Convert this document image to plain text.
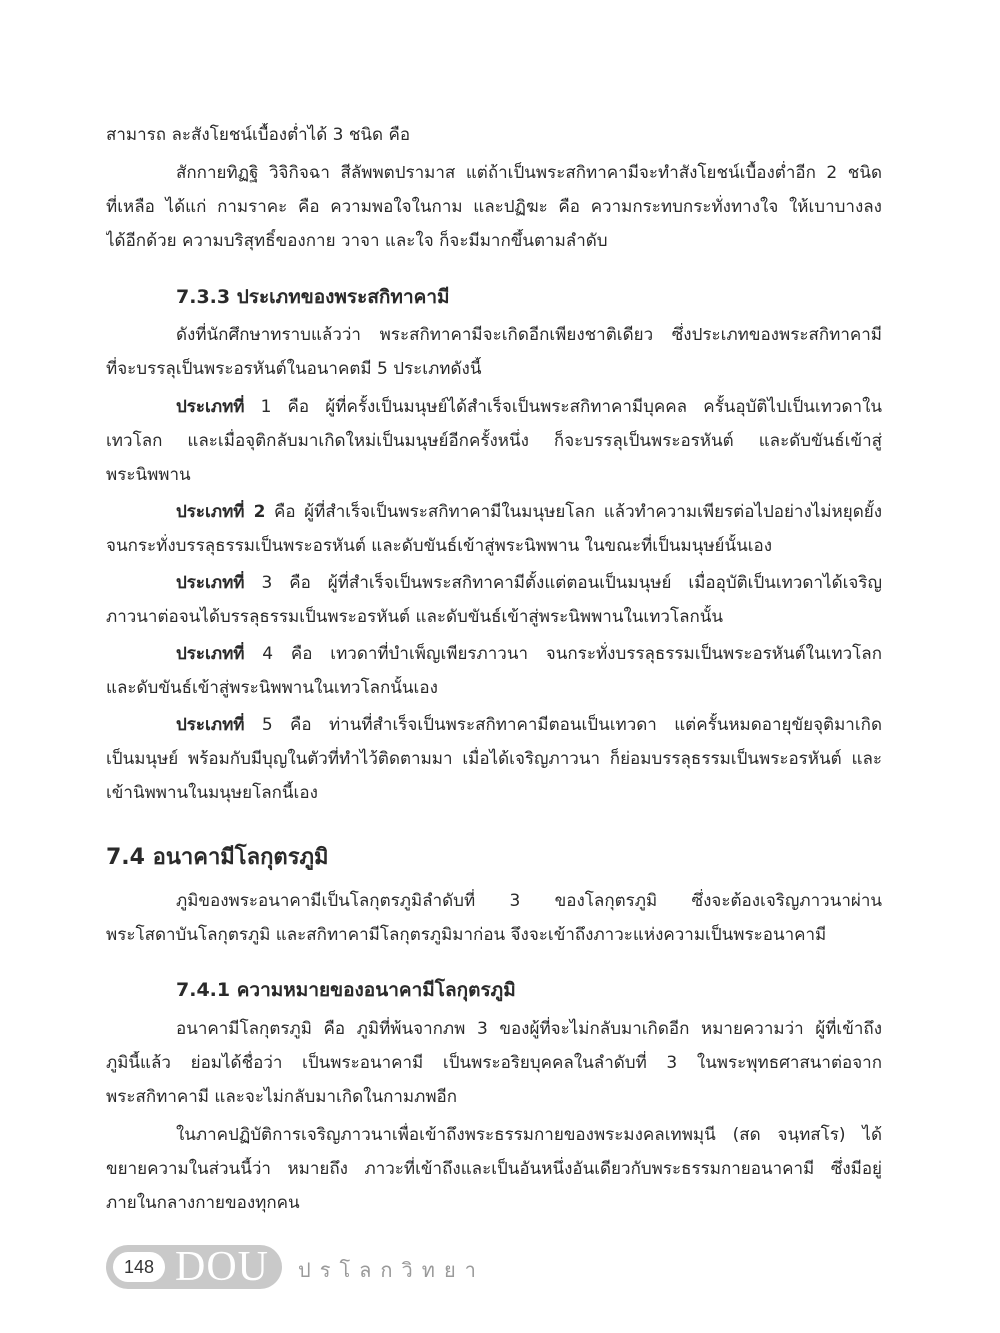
สามารถ ละสังโยชน์เบื้องต่ำได้ 3 ชนิด คือ
สักกายทิฏฐิ วิจิกิจฉา สีลัพพตปรามาส แต่ถ้าเป็นพระสกิทาคามีจะทำสังโยชน์เบื้องต่ำอีก 2 ชนิด
ที่เหลือ ได้แก่ กามราคะ คือ ความพอใจในกาม และปฏิฆะ คือ ความกระทบกระทั่งทางใจ ให้เบาบางลง
ได้อีกด้วย ความบริสุทธิ์ของกาย วาจา และใจ ก็จะมีมากขึ้นตามลำดับ
7.3.3 ประเภทของพระสกิทาคามี
ดังที่นักศึกษาทราบแล้วว่า พระสกิทาคามีจะเกิดอีกเพียงชาติเดียว ซึ่งประเภทของพระสกิทาคามี
ที่จะบรรลุเป็นพระอรหันต์ในอนาคตมี 5 ประเภทดังนี้
ประเภทที่ 1 คือ ผู้ที่ครั้งเป็นมนุษย์ได้สำเร็จเป็นพระสกิทาคามีบุคคล ครั้นอุบัติไปเป็นเทวดาใน
เทวโลก และเมื่อจุติกลับมาเกิดใหม่เป็นมนุษย์อีกครั้งหนึ่ง ก็จะบรรลุเป็นพระอรหันต์ และดับขันธ์เข้าสู่
พระนิพพาน
ประเภทที่ 2 คือ ผู้ที่สำเร็จเป็นพระสกิทาคามีในมนุษยโลก แล้วทำความเพียรต่อไปอย่างไม่หยุดยั้ง
จนกระทั่งบรรลุธรรมเป็นพระอรหันต์ และดับขันธ์เข้าสู่พระนิพพาน ในขณะที่เป็นมนุษย์นั้นเอง
ประเภทที่ 3 คือ ผู้ที่สำเร็จเป็นพระสกิทาคามีตั้งแต่ตอนเป็นมนุษย์ เมื่ออุบัติเป็นเทวดาได้เจริญ
ภาวนาต่อจนได้บรรลุธรรมเป็นพระอรหันต์ และดับขันธ์เข้าสู่พระนิพพานในเทวโลกนั้น
ประเภทที่ 4 คือ เทวดาที่บำเพ็ญเพียรภาวนา จนกระทั่งบรรลุธรรมเป็นพระอรหันต์ในเทวโลก
และดับขันธ์เข้าสู่พระนิพพานในเทวโลกนั้นเอง
ประเภทที่ 5 คือ ท่านที่สำเร็จเป็นพระสกิทาคามีตอนเป็นเทวดา แต่ครั้นหมดอายุขัยจุติมาเกิด
เป็นมนุษย์ พร้อมกับมีบุญในตัวที่ทำไว้ติดตามมา เมื่อได้เจริญภาวนา ก็ย่อมบรรลุธรรมเป็นพระอรหันต์ และ
เข้านิพพานในมนุษยโลกนี้เอง
7.4 อนาคามีโลกุตรภูมิ
ภูมิของพระอนาคามีเป็นโลกุตรภูมิลำดับที่ 3 ของโลกุตรภูมิ ซึ่งจะต้องเจริญภาวนาผ่าน
พระโสดาบันโลกุตรภูมิ และสกิทาคามีโลกุตรภูมิมาก่อน จึงจะเข้าถึงภาวะแห่งความเป็นพระอนาคามี
7.4.1 ความหมายของอนาคามีโลกุตรภูมิ
อนาคามีโลกุตรภูมิ คือ ภูมิที่พ้นจากภพ 3 ของผู้ที่จะไม่กลับมาเกิดอีก หมายความว่า ผู้ที่เข้าถึง
ภูมินี้แล้ว ย่อมได้ชื่อว่า เป็นพระอนาคามี เป็นพระอริยบุคคลในลำดับที่ 3 ในพระพุทธศาสนาต่อจาก
พระสกิทาคามี และจะไม่กลับมาเกิดในกามภพอีก
ในภาคปฏิบัติการเจริญภาวนาเพื่อเข้าถึงพระธรรมกายของพระมงคลเทพมุนี (สด จนฺทสโร) ได้
ขยายความในส่วนนี้ว่า หมายถึง ภาวะที่เข้าถึงและเป็นอันหนึ่งอันเดียวกับพระธรรมกายอนาคามี ซึ่งมีอยู่
ภายในกลางกายของทุกคน
148 DOU ปรโลกวิทยา
